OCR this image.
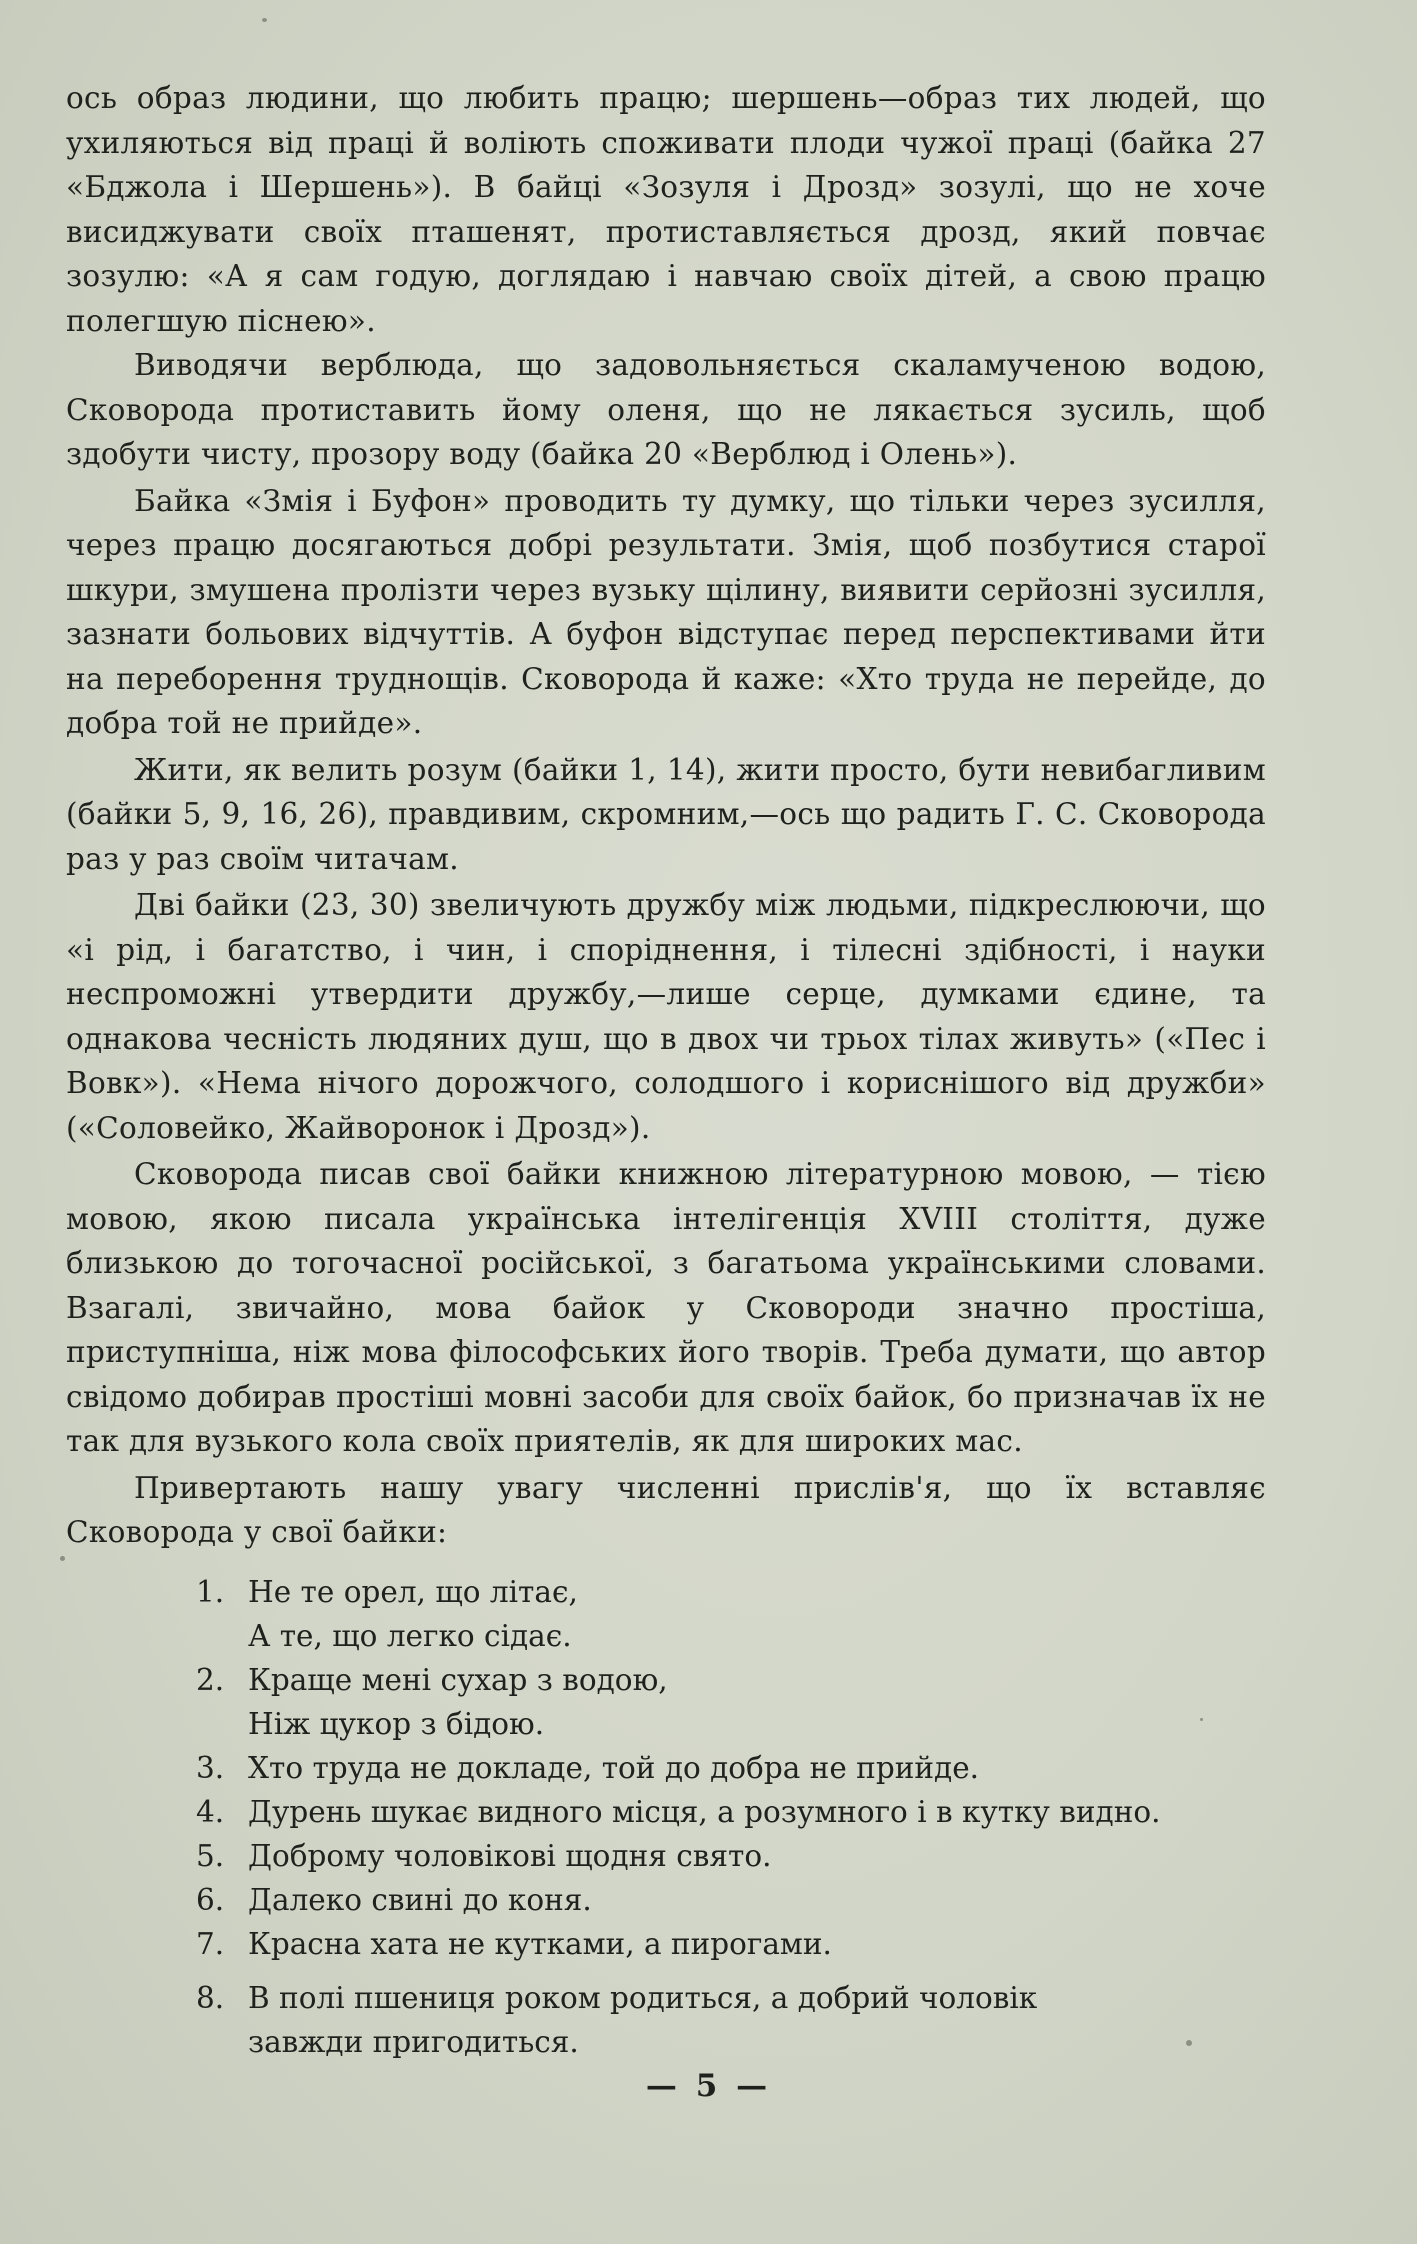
ось образ людини, що любить працю; шершень—образ тих людей, що ухиляються від праці й воліють споживати плоди чужої праці (байка 27 «Бджола і Шершень»). В байці «Зозуля і Дрозд» зозулі, що не хоче висиджувати своїх пташенят, протиставляється дрозд, який повчає зозулю: «А я сам годую, доглядаю і навчаю своїх дітей, а свою працю полегшую піснею».

Виводячи верблюда, що задовольняється скаламученою водою, Сковорода протиставить йому оленя, що не лякається зусиль, щоб здобути чисту, прозору воду (байка 20 «Верблюд і Олень»).

Байка «Змія і Буфон» проводить ту думку, що тільки через зусилля, через працю досягаються добрі результати. Змія, щоб позбутися старої шкури, змушена пролізти через вузьку щілину, виявити серйозні зусилля, зазнати больових відчуттів. А буфон відступає перед перспективами йти на переборення труднощів. Сковорода й каже: «Хто труда не перейде, до добра той не прийде».

Жити, як велить розум (байки 1, 14), жити просто, бути невибагливим (байки 5, 9, 16, 26), правдивим, скромним,—ось що радить Г. С. Сковорода раз у раз своїм читачам.

Дві байки (23, 30) звеличують дружбу між людьми, підкреслюючи, що «і рід, і багатство, і чин, і споріднення, і тілесні здібності, і науки неспроможні утвердити дружбу,—лише серце, думками єдине, та однакова чесність людяних душ, що в двох чи трьох тілах живуть» («Пес і Вовк»). «Нема нічого дорожчого, солодшого і кориснішого від дружби» («Соловейко, Жайворонок і Дрозд»).

Сковорода писав свої байки книжною літературною мовою, — тією мовою, якою писала українська інтелігенція XVIII століття, дуже близькою до тогочасної російської, з багатьома українськими словами. Взагалі, звичайно, мова байок у Сковороди значно простіша, приступніша, ніж мова філософських його творів. Треба думати, що автор свідомо добирав простіші мовні засоби для своїх байок, бо призначав їх не так для вузького кола своїх приятелів, як для широких мас.

Привертають нашу увагу численні прислів'я, що їх вставляє Сковорода у свої байки:

1. Не те орел, що літає,
А те, що легко сідає.
2. Краще мені сухар з водою,
Ніж цукор з бідою.
3. Хто труда не докладе, той до добра не прийде.
4. Дурень шукає видного місця, а розумного і в кутку видно.
5. Доброму чоловікові щодня свято.
6. Далеко свині до коня.
7. Красна хата не кутками, а пирогами.
8. В полі пшениця роком родиться, а добрий чоловік
завжди пригодиться.
— 5 —
